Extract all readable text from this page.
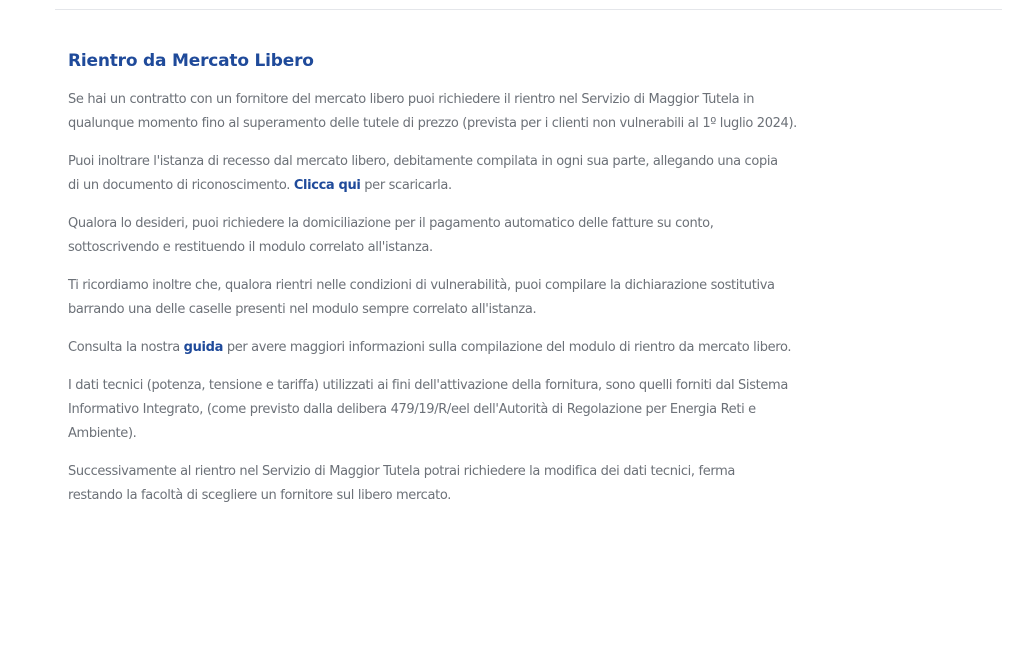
Rientro da Mercato Libero

Se hai un contratto con un fornitore del mercato libero puoi richiedere il rientro nel Servizio di Maggior Tutela in
qualunque momento fino al superamento delle tutele di prezzo (prevista per i clienti non vulnerabili al 1º luglio 2024).

Puoi inoltrare l'istanza di recesso dal mercato libero, debitamente compilata in ogni sua parte, allegando una copia
di un documento di riconoscimento. Clicca qui per scaricarla.

Qualora lo desideri, puoi richiedere la domiciliazione per il pagamento automatico delle fatture su conto,
sottoscrivendo e restituendo il modulo correlato all'istanza.

Ti ricordiamo inoltre che, qualora rientri nelle condizioni di vulnerabilità, puoi compilare la dichiarazione sostitutiva
barrando una delle caselle presenti nel modulo sempre correlato all'istanza.

Consulta la nostra guida per avere maggiori informazioni sulla compilazione del modulo di rientro da mercato libero.

I dati tecnici (potenza, tensione e tariffa) utilizzati ai fini dell'attivazione della fornitura, sono quelli forniti dal Sistema
Informativo Integrato, (come previsto dalla delibera 479/19/R/eel dell'Autorità di Regolazione per Energia Reti e
Ambiente).

Successivamente al rientro nel Servizio di Maggior Tutela potrai richiedere la modifica dei dati tecnici, ferma
restando la facoltà di scegliere un fornitore sul libero mercato.
